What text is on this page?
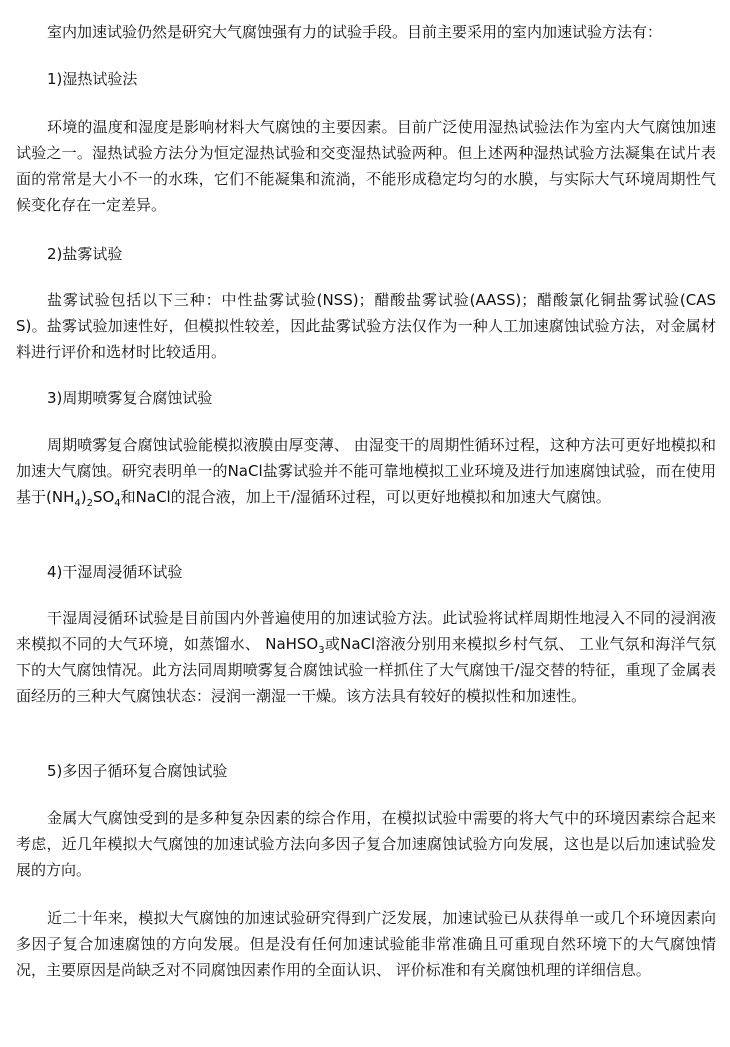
室内加速试验仍然是研究大气腐蚀强有力的试验手段。目前主要采用的室内加速试验方法有：

1)湿热试验法

环境的温度和湿度是影响材料大气腐蚀的主要因素。目前广泛使用湿热试验法作为室内大气腐蚀加速试验之一。湿热试验方法分为恒定湿热试验和交变湿热试验两种。但上述两种湿热试验方法凝集在试片表面的常常是大小不一的水珠，它们不能凝集和流淌，不能形成稳定均匀的水膜，与实际大气环境周期性气候变化存在一定差异。

2)盐雾试验

盐雾试验包括以下三种：中性盐雾试验(NSS)；醋酸盐雾试验(AASS)；醋酸氯化铜盐雾试验(CASS)。盐雾试验加速性好，但模拟性较差，因此盐雾试验方法仅作为一种人工加速腐蚀试验方法，对金属材料进行评价和选材时比较适用。

3)周期喷雾复合腐蚀试验

周期喷雾复合腐蚀试验能模拟液膜由厚变薄、 由湿变干的周期性循环过程，这种方法可更好地模拟和加速大气腐蚀。研究表明单一的NaCl盐雾试验并不能可靠地模拟工业环境及进行加速腐蚀试验，而在使用基于$(NH_4)_2SO_4$和NaCl的混合液，加上干/湿循环过程，可以更好地模拟和加速大气腐蚀。

4)干湿周浸循环试验

干湿周浸循环试验是目前国内外普遍使用的加速试验方法。此试验将试样周期性地浸入不同的浸润液来模拟不同的大气环境，如蒸馏水、 NaHSO$_3$或NaCl溶液分别用来模拟乡村气氛、 工业气氛和海洋气氛下的大气腐蚀情况。此方法同周期喷雾复合腐蚀试验一样抓住了大气腐蚀干/湿交替的特征，重现了金属表面经历的三种大气腐蚀状态：浸润一潮湿一干燥。该方法具有较好的模拟性和加速性。

5)多因子循环复合腐蚀试验

金属大气腐蚀受到的是多种复杂因素的综合作用，在模拟试验中需要的将大气中的环境因素综合起来考虑，近几年模拟大气腐蚀的加速试验方法向多因子复合加速腐蚀试验方向发展，这也是以后加速试验发展的方向。

近二十年来，模拟大气腐蚀的加速试验研究得到广泛发展，加速试验已从获得单一或几个环境因素向多因子复合加速腐蚀的方向发展。但是没有任何加速试验能非常准确且可重现自然环境下的大气腐蚀情况，主要原因是尚缺乏对不同腐蚀因素作用的全面认识、 评价标准和有关腐蚀机理的详细信息。
